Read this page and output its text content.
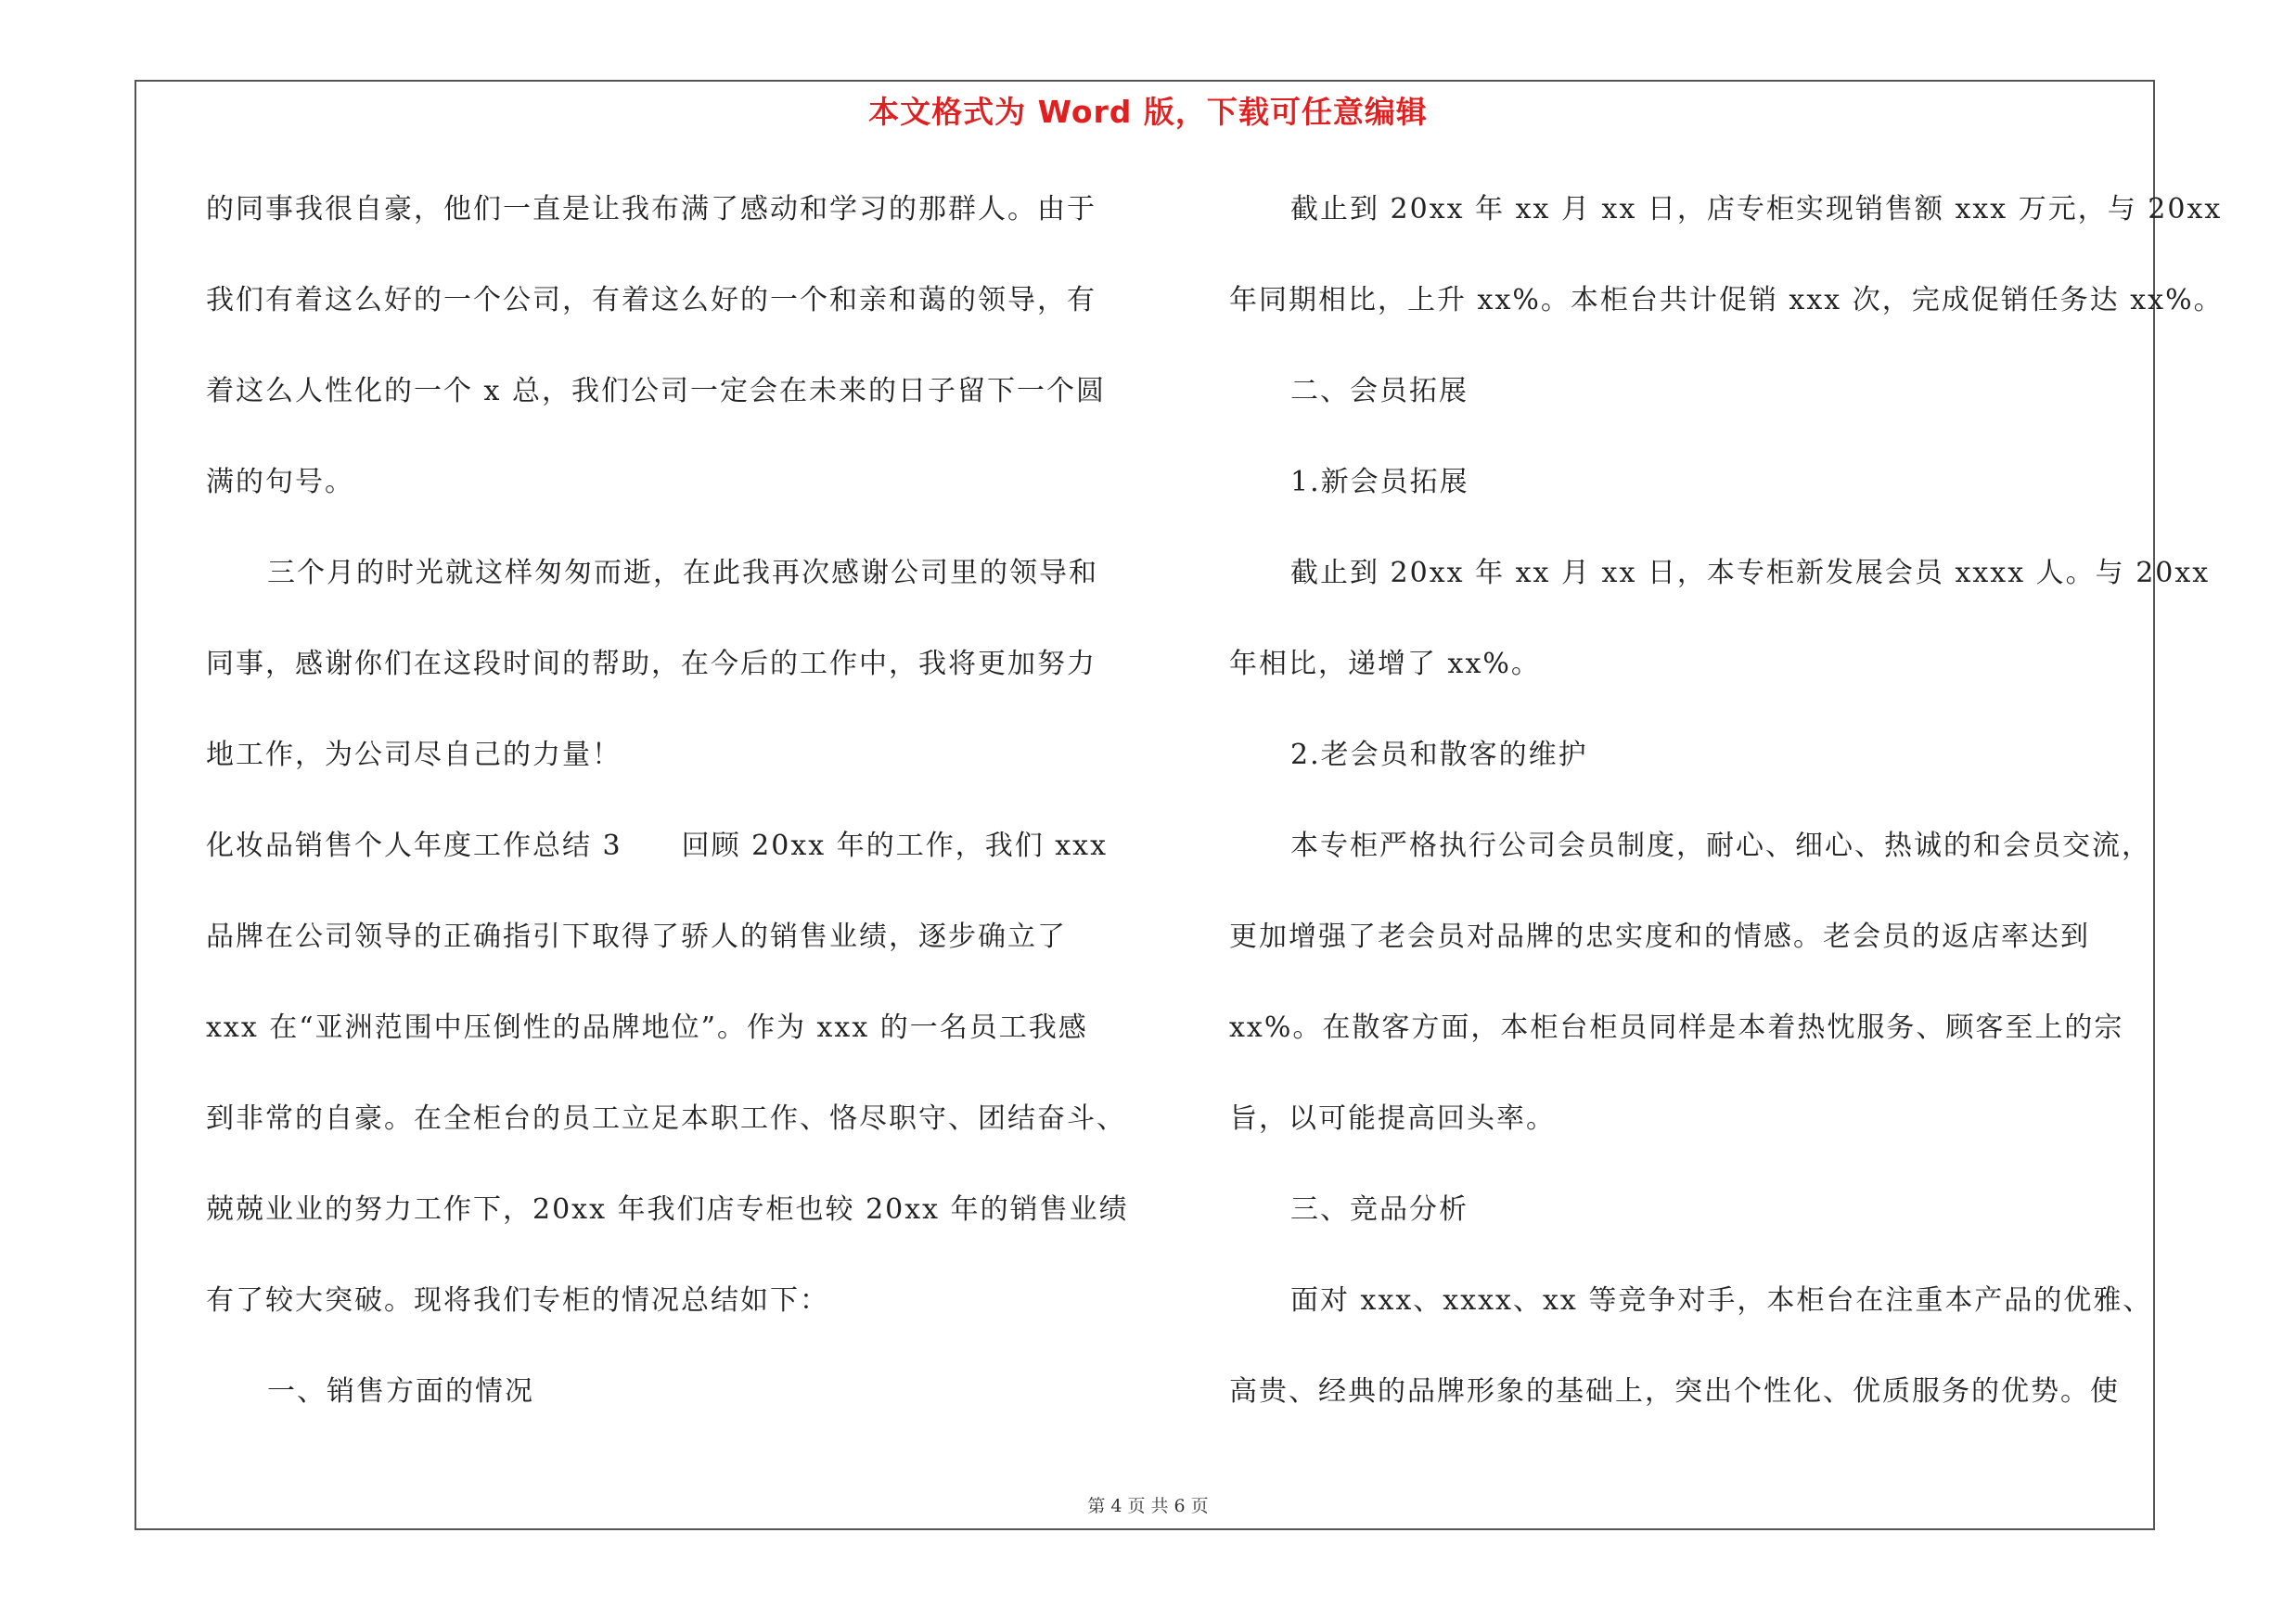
本文格式为 Word 版，下载可任意编辑
的同事我很自豪，他们一直是让我布满了感动和学习的那群人。由于
我们有着这么好的一个公司，有着这么好的一个和亲和蔼的领导，有
着这么人性化的一个 x 总，我们公司一定会在未来的日子留下一个圆
满的句号。
三个月的时光就这样匆匆而逝，在此我再次感谢公司里的领导和
同事，感谢你们在这段时间的帮助，在今后的工作中，我将更加努力
地工作，为公司尽自己的力量！
化妆品销售个人年度工作总结 3　　回顾 20xx 年的工作，我们 xxx
品牌在公司领导的正确指引下取得了骄人的销售业绩，逐步确立了
xxx 在“亚洲范围中压倒性的品牌地位”。作为 xxx 的一名员工我感
到非常的自豪。在全柜台的员工立足本职工作、恪尽职守、团结奋斗、
兢兢业业的努力工作下，20xx 年我们店专柜也较 20xx 年的销售业绩
有了较大突破。现将我们专柜的情况总结如下：
一、销售方面的情况
截止到 20xx 年 xx 月 xx 日，店专柜实现销售额 xxx 万元，与 20xx
年同期相比，上升 xx%。本柜台共计促销 xxx 次，完成促销任务达 xx%。
二、会员拓展
1.新会员拓展
截止到 20xx 年 xx 月 xx 日，本专柜新发展会员 xxxx 人。与 20xx
年相比，递增了 xx%。
2.老会员和散客的维护
本专柜严格执行公司会员制度，耐心、细心、热诚的和会员交流，
更加增强了老会员对品牌的忠实度和的情感。老会员的返店率达到
xx%。在散客方面，本柜台柜员同样是本着热忱服务、顾客至上的宗
旨，以可能提高回头率。
三、竞品分析
面对 xxx、xxxx、xx 等竞争对手，本柜台在注重本产品的优雅、
高贵、经典的品牌形象的基础上，突出个性化、优质服务的优势。使
第 4 页 共 6 页
